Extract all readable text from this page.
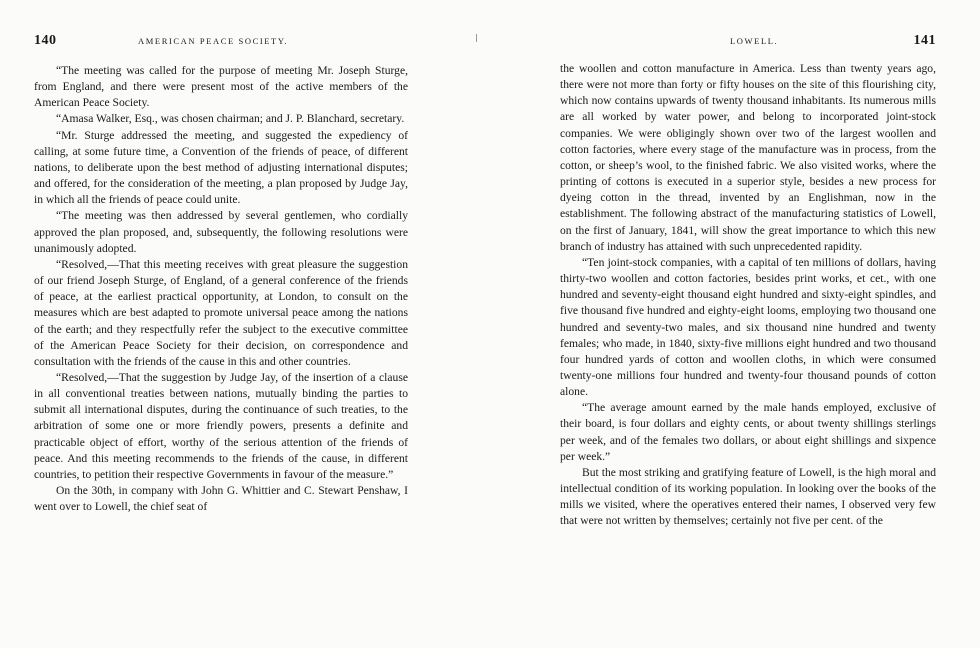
140	AMERICAN PEACE SOCIETY.

“The meeting was called for the purpose of meeting Mr. Joseph Sturge, from England, and there were present most of the active members of the American Peace Society.

“Amasa Walker, Esq., was chosen chairman; and J. P. Blanchard, secretary.

“Mr. Sturge addressed the meeting, and suggested the expediency of calling, at some future time, a Convention of the friends of peace, of different nations, to deliberate upon the best method of adjusting international disputes; and offered, for the consideration of the meeting, a plan proposed by Judge Jay, in which all the friends of peace could unite.

“The meeting was then addressed by several gentlemen, who cordially approved the plan proposed, and, subsequently, the following resolutions were unanimously adopted.

“Resolved,—That this meeting receives with great pleasure the suggestion of our friend Joseph Sturge, of England, of a general conference of the friends of peace, at the earliest practical opportunity, at London, to consult on the measures which are best adapted to promote universal peace among the nations of the earth; and they respectfully refer the subject to the executive committee of the American Peace Society for their decision, on correspondence and consultation with the friends of the cause in this and other countries.

“Resolved,—That the suggestion by Judge Jay, of the insertion of a clause in all conventional treaties between nations, mutually binding the parties to submit all international disputes, during the continuance of such treaties, to the arbitration of some one or more friendly powers, presents a definite and practicable object of effort, worthy of the serious attention of the friends of peace. And this meeting recommends to the friends of the cause, in different countries, to petition their respective Governments in favour of the measure.”

On the 30th, in company with John G. Whittier and C. Stewart Penshaw, I went over to Lowell, the chief seat of

LOWELL.	141

the woollen and cotton manufacture in America. Less than twenty years ago, there were not more than forty or fifty houses on the site of this flourishing city, which now contains upwards of twenty thousand inhabitants. Its numerous mills are all worked by water power, and belong to incorporated joint-stock companies. We were obligingly shown over two of the largest woollen and cotton factories, where every stage of the manufacture was in process, from the cotton, or sheep’s wool, to the finished fabric. We also visited works, where the printing of cottons is executed in a superior style, besides a new process for dyeing cotton in the thread, invented by an Englishman, now in the establishment. The following abstract of the manufacturing statistics of Lowell, on the first of January, 1841, will show the great importance to which this new branch of industry has attained with such unprecedented rapidity.

“Ten joint-stock companies, with a capital of ten millions of dollars, having thirty-two woollen and cotton factories, besides print works, et cet., with one hundred and seventy-eight thousand eight hundred and sixty-eight spindles, and five thousand five hundred and eighty-eight looms, employing two thousand one hundred and seventy-two males, and six thousand nine hundred and twenty females; who made, in 1840, sixty-five millions eight hundred and two thousand four hundred yards of cotton and woollen cloths, in which were consumed twenty-one millions four hundred and twenty-four thousand pounds of cotton alone.

“The average amount earned by the male hands employed, exclusive of their board, is four dollars and eighty cents, or about twenty shillings sterlings per week, and of the females two dollars, or about eight shillings and sixpence per week.”

But the most striking and gratifying feature of Lowell, is the high moral and intellectual condition of its working population. In looking over the books of the mills we visited, where the operatives entered their names, I observed very few that were not written by themselves; certainly not five per cent. of the
